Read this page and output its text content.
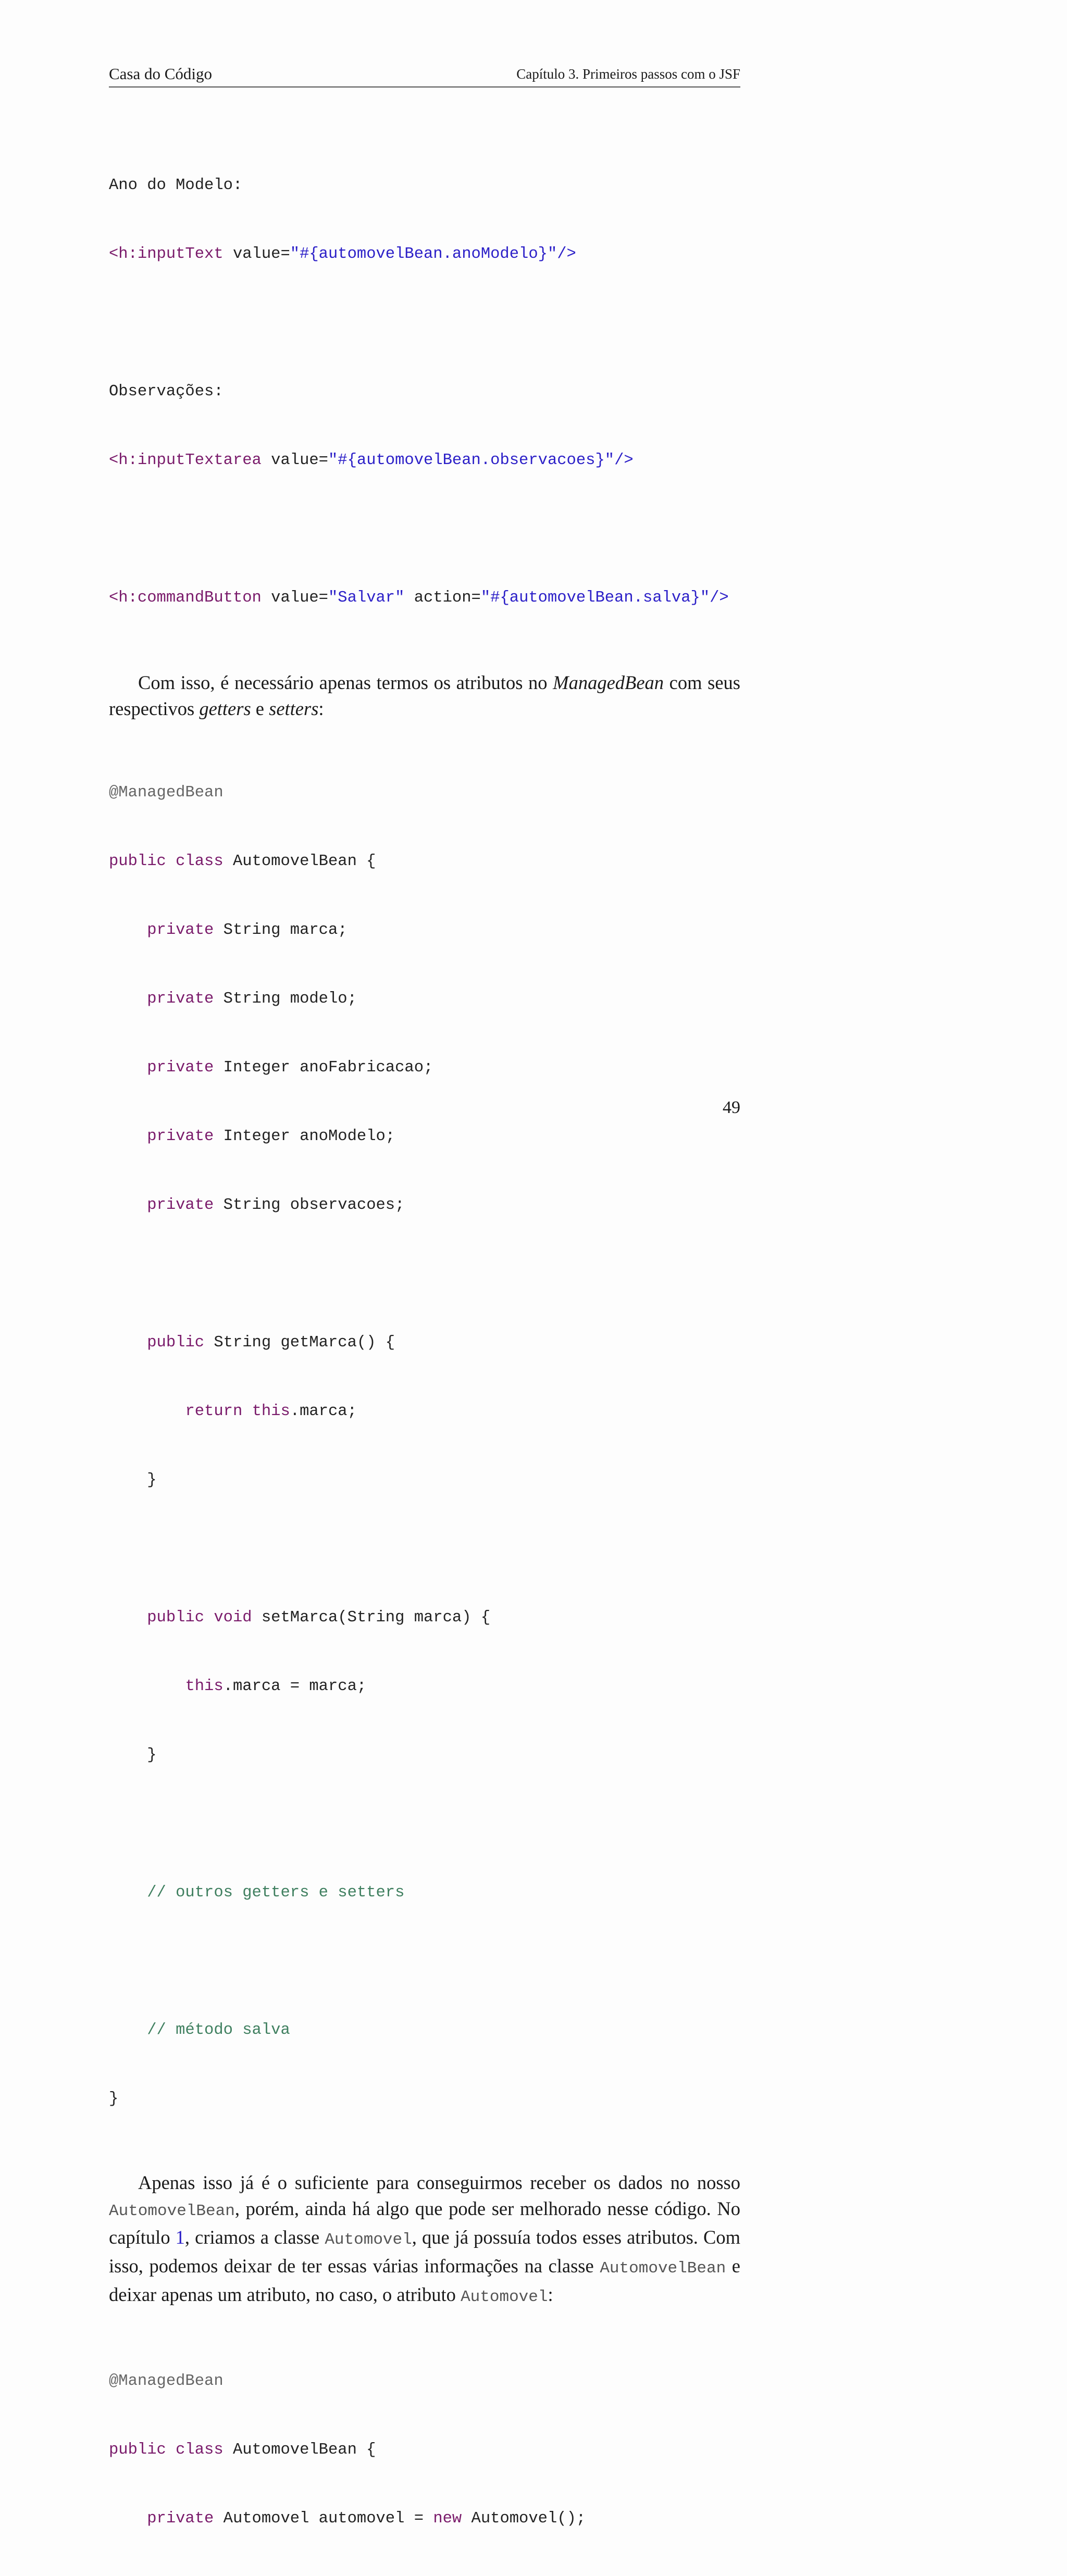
Casa do Código	Capítulo 3. Primeiros passos com o JSF

Ano do Modelo:

<h:inputText value="#{automovelBean.anoModelo}"/>

Observações:

<h:inputTextarea value="#{automovelBean.observacoes}"/>

<h:commandButton value="Salvar" action="#{automovelBean.salva}"/>

Com isso, é necessário apenas termos os atributos no ManagedBean com seus respectivos getters e setters:

@ManagedBean

public class AutomovelBean {

private String marca;

private String modelo;

private Integer anoFabricacao;

private Integer anoModelo;

private String observacoes;

public String getMarca() {

return this.marca;

}

public void setMarca(String marca) {

this.marca = marca;

}

// outros getters e setters

// método salva

}

Apenas isso já é o suficiente para conseguirmos receber os dados no nosso AutomovelBean, porém, ainda há algo que pode ser melhorado nesse código. No capítulo 1, criamos a classe Automovel, que já possuía todos esses atributos. Com isso, podemos deixar de ter essas várias informações na classe AutomovelBean e deixar apenas um atributo, no caso, o atributo Automovel:

@ManagedBean

public class AutomovelBean {

private Automovel automovel = new Automovel();

49
